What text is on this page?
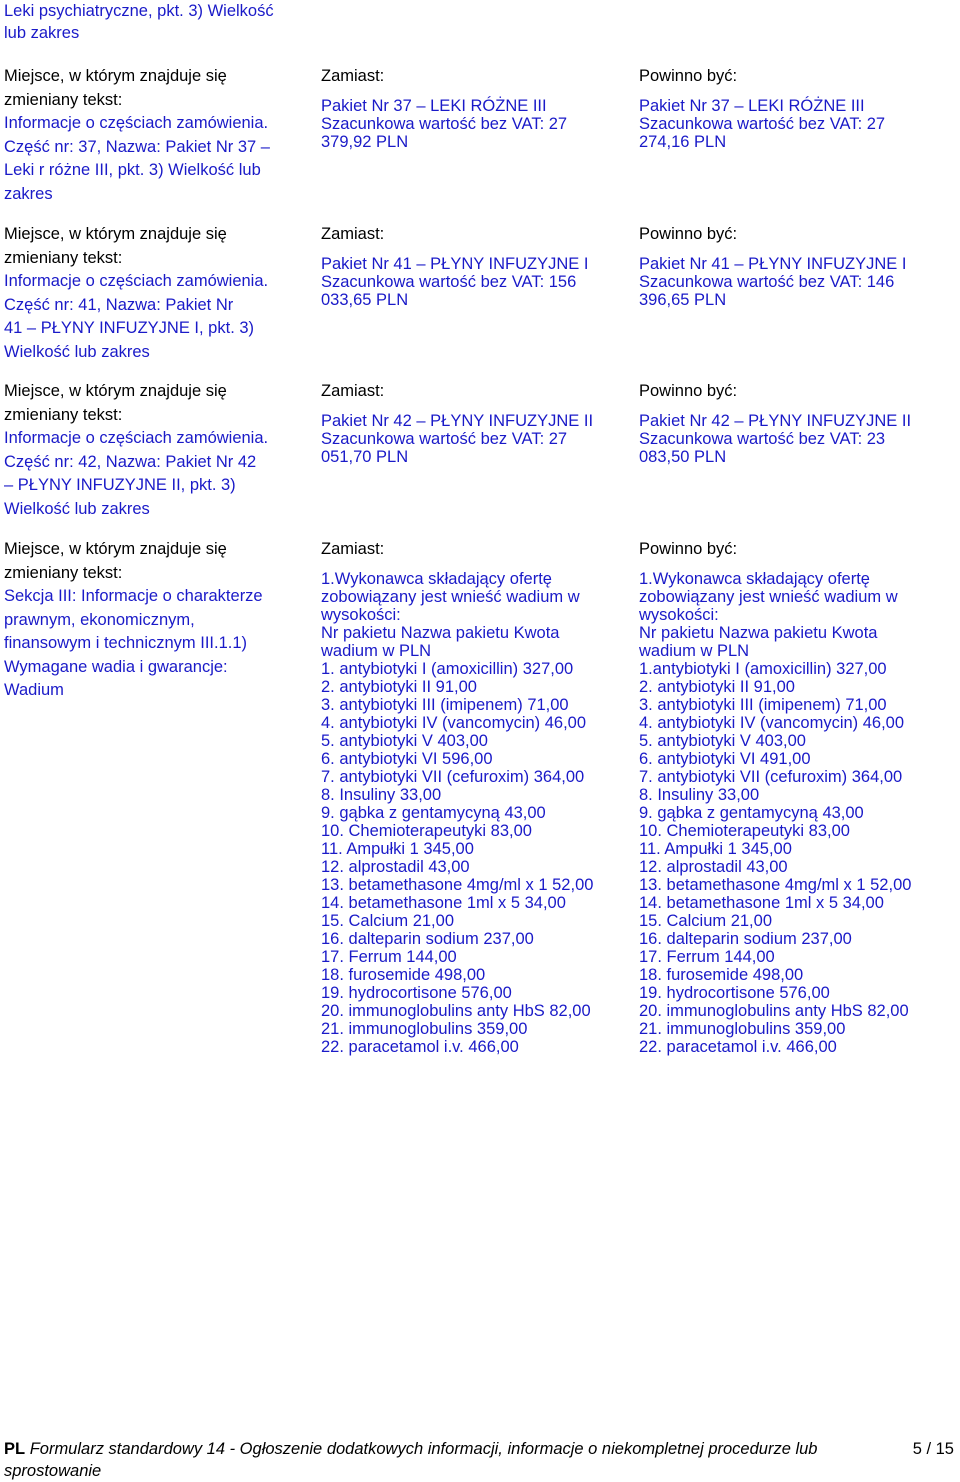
Leki psychiatryczne, pkt. 3) Wielkość
lub zakres
Miejsce, w którym znajduje się
zmieniany tekst:
Informacje o częściach zamówienia.
Część nr: 37, Nazwa: Pakiet Nr 37 –
Leki r różne III, pkt. 3) Wielkość lub
zakres
Zamiast:
Pakiet Nr 37 – LEKI RÓŻNE III
Szacunkowa wartość bez VAT: 27
379,92 PLN
Powinno być:
Pakiet Nr 37 – LEKI RÓŻNE III
Szacunkowa wartość bez VAT: 27
274,16 PLN
Miejsce, w którym znajduje się
zmieniany tekst:
Informacje o częściach zamówienia.
Część nr: 41, Nazwa: Pakiet Nr
41 – PŁYNY INFUZYJNE I, pkt. 3)
Wielkość lub zakres
Zamiast:
Pakiet Nr 41 – PŁYNY INFUZYJNE I
Szacunkowa wartość bez VAT: 156
033,65 PLN
Powinno być:
Pakiet Nr 41 – PŁYNY INFUZYJNE I
Szacunkowa wartość bez VAT: 146
396,65 PLN
Miejsce, w którym znajduje się
zmieniany tekst:
Informacje o częściach zamówienia.
Część nr: 42, Nazwa: Pakiet Nr 42
– PŁYNY INFUZYJNE II, pkt. 3)
Wielkość lub zakres
Zamiast:
Pakiet Nr 42 – PŁYNY INFUZYJNE II
Szacunkowa wartość bez VAT: 27
051,70 PLN
Powinno być:
Pakiet Nr 42 – PŁYNY INFUZYJNE II
Szacunkowa wartość bez VAT: 23
083,50 PLN
Miejsce, w którym znajduje się
zmieniany tekst:
Sekcja III: Informacje o charakterze
prawnym, ekonomicznym,
finansowym i technicznym III.1.1)
Wymagane wadia i gwarancje:
Wadium
Zamiast:
1.Wykonawca składający ofertę
zobowiązany jest wnieść wadium w
wysokości:
Nr pakietu Nazwa pakietu Kwota
wadium w PLN
1. antybiotyki I (amoxicillin) 327,00
2. antybiotyki II 91,00
3. antybiotyki III (imipenem) 71,00
4. antybiotyki IV (vancomycin) 46,00
5. antybiotyki V 403,00
6. antybiotyki VI 596,00
7. antybiotyki VII (cefuroxim) 364,00
8. Insuliny 33,00
9. gąbka z gentamycyną 43,00
10. Chemioterapeutyki 83,00
11. Ampułki 1 345,00
12. alprostadil 43,00
13. betamethasone 4mg/ml x 1 52,00
14. betamethasone 1ml x 5 34,00
15. Calcium 21,00
16. dalteparin sodium 237,00
17. Ferrum 144,00
18. furosemide 498,00
19. hydrocortisone 576,00
20. immunoglobulins anty HbS 82,00
21. immunoglobulins 359,00
22. paracetamol i.v. 466,00
Powinno być:
1.Wykonawca składający ofertę
zobowiązany jest wnieść wadium w
wysokości:
Nr pakietu Nazwa pakietu Kwota
wadium w PLN
1.antybiotyki I (amoxicillin) 327,00
2. antybiotyki II 91,00
3. antybiotyki III (imipenem) 71,00
4. antybiotyki IV (vancomycin) 46,00
5. antybiotyki V 403,00
6. antybiotyki VI 491,00
7. antybiotyki VII (cefuroxim) 364,00
8. Insuliny 33,00
9. gąbka z gentamycyną 43,00
10. Chemioterapeutyki 83,00
11. Ampułki 1 345,00
12. alprostadil 43,00
13. betamethasone 4mg/ml x 1 52,00
14. betamethasone 1ml x 5 34,00
15. Calcium 21,00
16. dalteparin sodium 237,00
17. Ferrum 144,00
18. furosemide 498,00
19. hydrocortisone 576,00
20. immunoglobulins anty HbS 82,00
21. immunoglobulins 359,00
22. paracetamol i.v. 466,00
PL Formularz standardowy 14 - Ogłoszenie dodatkowych informacji, informacje o niekompletnej procedurze lub
sprostowanie
5 / 15
